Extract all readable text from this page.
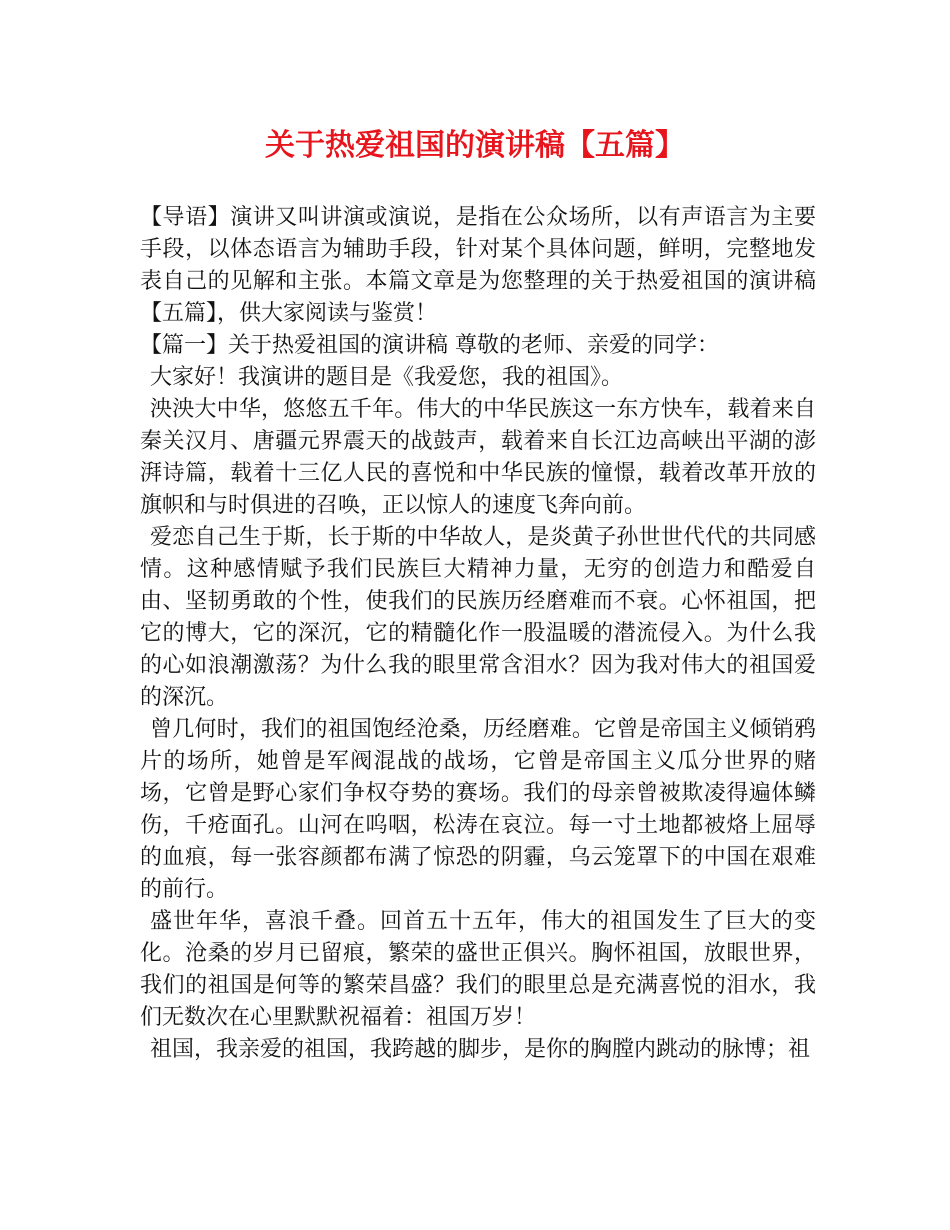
关于热爱祖国的演讲稿【五篇】

【导语】演讲又叫讲演或演说，是指在公众场所，以有声语言为主要手段，以体态语言为辅助手段，针对某个具体问题，鲜明，完整地发表自己的见解和主张。本篇文章是为您整理的关于热爱祖国的演讲稿【五篇】，供大家阅读与鉴赏！

【篇一】关于热爱祖国的演讲稿 尊敬的老师、亲爱的同学：

大家好！我演讲的题目是《我爱您，我的祖国》。

泱泱大中华，悠悠五千年。伟大的中华民族这一东方快车，载着来自秦关汉月、唐疆元界震天的战鼓声，载着来自长江边高峡出平湖的澎湃诗篇，载着十三亿人民的喜悦和中华民族的憧憬，载着改革开放的旗帜和与时俱进的召唤，正以惊人的速度飞奔向前。

爱恋自己生于斯，长于斯的中华故人，是炎黄子孙世世代代的共同感情。这种感情赋予我们民族巨大精神力量，无穷的创造力和酷爱自由、坚韧勇敢的个性，使我们的民族历经磨难而不衰。心怀祖国，把它的博大，它的深沉，它的精髓化作一股温暖的潜流侵入。为什么我的心如浪潮激荡？为什么我的眼里常含泪水？因为我对伟大的祖国爱的深沉。

曾几何时，我们的祖国饱经沧桑，历经磨难。它曾是帝国主义倾销鸦片的场所，她曾是军阀混战的战场，它曾是帝国主义瓜分世界的赌场，它曾是野心家们争权夺势的赛场。我们的母亲曾被欺凌得遍体鳞伤，千疮面孔。山河在呜咽，松涛在哀泣。每一寸土地都被烙上屈辱的血痕，每一张容颜都布满了惊恐的阴霾，乌云笼罩下的中国在艰难的前行。

盛世年华，喜浪千叠。回首五十五年，伟大的祖国发生了巨大的变化。沧桑的岁月已留痕，繁荣的盛世正俱兴。胸怀祖国，放眼世界，我们的祖国是何等的繁荣昌盛？我们的眼里总是充满喜悦的泪水，我们无数次在心里默默祝福着：祖国万岁！

祖国，我亲爱的祖国，我跨越的脚步，是你的胸膛内跳动的脉博；祖
